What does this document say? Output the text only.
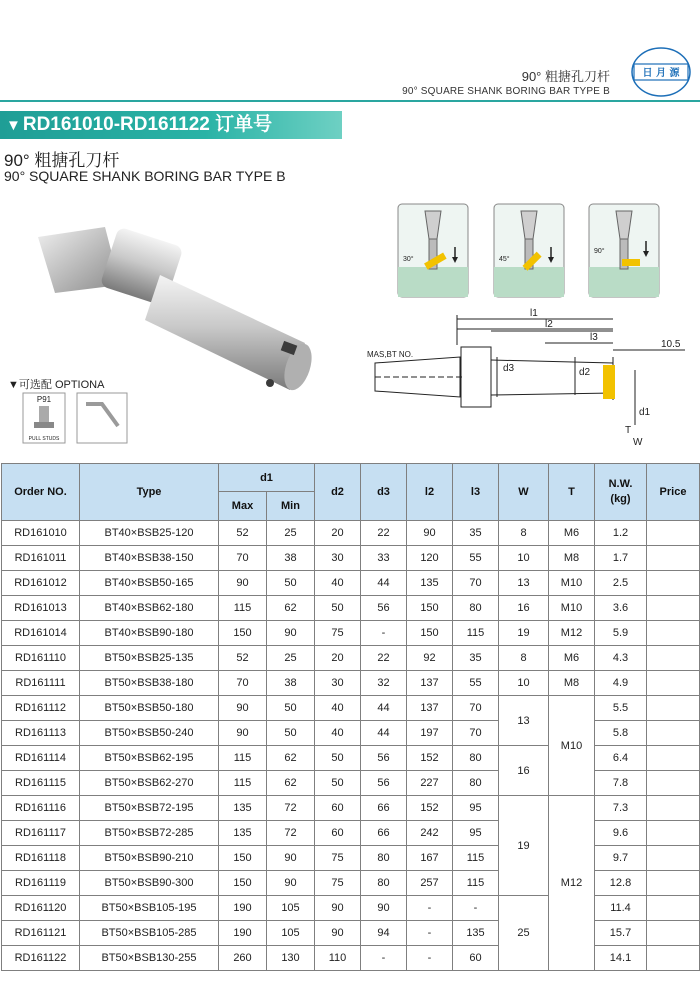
90° 粗搪孔刀杆
90° SQUARE SHANK BORING BAR TYPE B
日 月 源
▼ RD161010-RD161122 订单号
90° 粗搪孔刀杆
90° SQUARE SHANK BORING BAR TYPE B
▼可选配 OPTIONA
P91
PULL STUDS
30°	45°
90°
l1
l2
l3
10.5
d3	d2
d1
T
W
MAS,BT NO.
Order NO.	Type	d1		d2	d3	l2	l3	W	T	N.W.
(kg)	Price
		Max	Min								
RD161010	BT40×BSB25-120	52	25	20	22	90	35	8	M6	1.2	
RD161011	BT40×BSB38-150	70	38	30	33	120	55	10	M8	1.7	
RD161012	BT40×BSB50-165	90	50	40	44	135	70	13	M10	2.5	
RD161013	BT40×BSB62-180	115	62	50	56	150	80	16	M10	3.6	
RD161014	BT40×BSB90-180	150	90	75	-	150	115	19	M12	5.9	
RD161110	BT50×BSB25-135	52	25	20	22	92	35	8	M6	4.3	
RD161111	BT50×BSB38-180	70	38	30	32	137	55	10	M8	4.9	
RD161112	BT50×BSB50-180	90	50	40	44	137	70	13	M10	5.5	
RD161113	BT50×BSB50-240	90	50	40	44	197	70			5.8	
RD161114	BT50×BSB62-195	115	62	50	56	152	80	16		6.4	
RD161115	BT50×BSB62-270	115	62	50	56	227	80			7.8	
RD161116	BT50×BSB72-195	135	72	60	66	152	95	19	M12	7.3	
RD161117	BT50×BSB72-285	135	72	60	66	242	95			9.6	
RD161118	BT50×BSB90-210	150	90	75	80	167	115			9.7	
RD161119	BT50×BSB90-300	150	90	75	80	257	115			12.8	
RD161120	BT50×BSB105-195	190	105	90	90	-	-	25		11.4	
RD161121	BT50×BSB105-285	190	105	90	94	-	135			15.7	
RD161122	BT50×BSB130-255	260	130	110	-	-	60			14.1	
